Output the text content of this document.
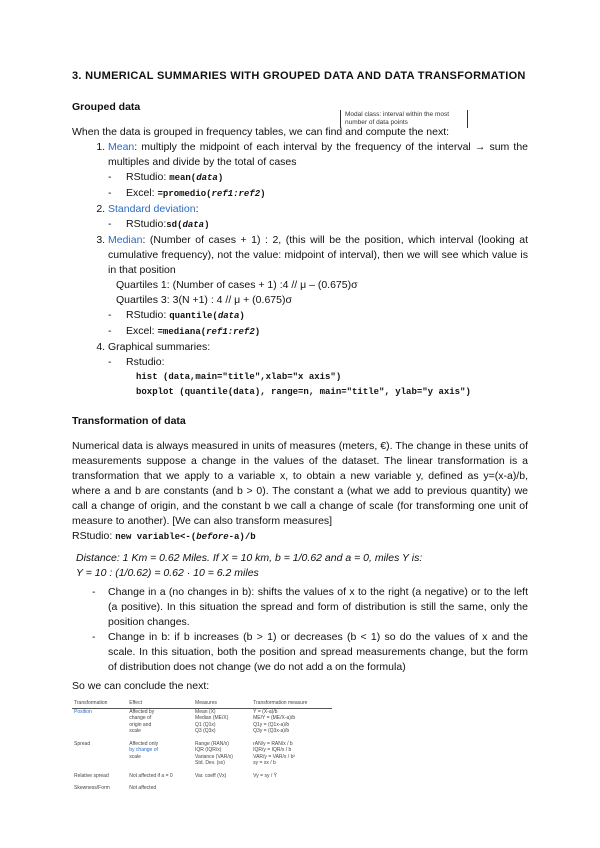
3. NUMERICAL SUMMARIES WITH GROUPED DATA AND DATA TRANSFORMATION
Grouped data

When the data is grouped in frequency tables, we can find and compute the next:

1. Mean: multiply the midpoint of each interval by the frequency of the interval → sum the multiples and divide by the total of cases

- RStudio: mean(data)
- Excel: =promedio(ref1:ref2)

2. Standard deviation:

- RStudio:sd(data)

3. Median: (Number of cases + 1) : 2, (this will be the position, which interval (looking at cumulative frequency), not the value: midpoint of interval), then we will see which value is in that position

Quartiles 1: (Number of cases + 1) :4 // μ – (0.675)σ

Quartiles 3: 3(N +1) : 4 // μ + (0.675)σ

- RStudio: quantile(data)
- Excel: =mediana(ref1:ref2)

4. Graphical summaries:

- Rstudio:
hist (data,main="title",xlab="x axis")
boxplot (quantile(data), range=n, main="title", ylab="y axis")
Transformation of data

Numerical data is always measured in units of measures (meters, €). The change in these units of measurements suppose a change in the values of the dataset. The linear transformation is a transformation that we apply to a variable x, to obtain a new variable y, defined as y=(x-a)/b, where a and b are constants (and b > 0). The constant a (what we add to previous quantity) we call a change of origin, and the constant b we call a change of scale (for transforming one unit of measure to another). [We can also transform measures]

RStudio: new variable<-(before-a)/b

Distance: 1 Km = 0.62 Miles. If X = 10 km, b = 1/0.62 and a = 0, miles Y is:

Y = 10 : (1/0.62) = 0.62 · 10 = 6.2 miles

- Change in a (no changes in b): shifts the values of x to the right (a negative) or to the left (a positive). In this situation the spread and form of distribution is still the same, only the position changes.
- Change in b: if b increases (b > 1) or decreases (b < 1) so do the values of x and the scale. In this situation, both the position and spread measurements change, but the form of distribution does not change (we do not add a on the formula)

So we can conclude the next:

Modal class: interval within the most number of data points
Transformation	Effect	Measures	Transformation measure
Position	Affected by	Mean (X̄)	Ȳ = (X̄-a)/b
	change of	Median (ME/X)	ME/Y = (ME/X-a)/b
	origin and	Q1 (Q1x)	Q1y = (Q1x-a)/b
	scale	Q3 (Q3x)	Q3y = (Q3x-a)/b
Spread	Affected only	Range (RAN/x)	rAN/y = RAN/x / b
	by change of	IQR (IQR/x)	IQR/y = IQR/x / b
	scale	Variance (VAR/x)	VAR/y = VAR/x / b²
		Std. Dev. (sx)	sy = sx / b
Relative spread	Not affected if a = 0	Var. coeff (Vx)	Vy = sy / Ȳ
Skewness/Form	Not affected		
